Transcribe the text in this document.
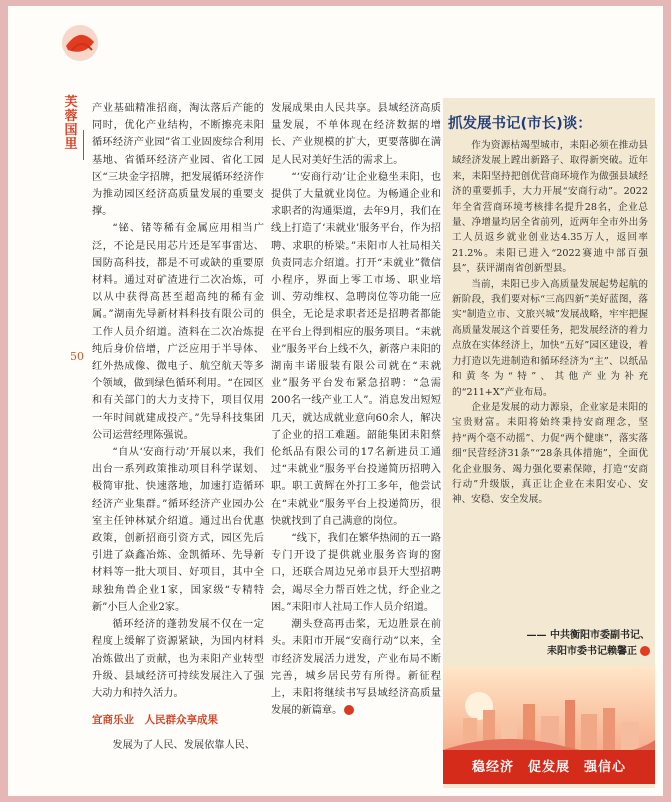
芙蓉国里
50

产业基础精准招商，淘汰落后产能的同时，优化产业结构，不断擦亮耒阳循环经济产业园”省工业固废综合利用基地、省循环经济产业园、省化工园区“三块金字招牌，把发展循环经济作为推动园区经济高质量发展的重要支撑。

“铋、锗等稀有金属应用相当广泛，不论是民用芯片还是军事雷达、国防高科技，都是不可或缺的重要原材料。通过对矿渣进行二次冶炼，可以从中获得高甚至超高纯的稀有金属。”湖南先导新材料科技有限公司的工作人员介绍道。渣料在二次冶炼提纯后身价倍增，广泛应用于半导体、红外热成像、微电子、航空航天等多个领域，做到绿色循环利用。“在园区和有关部门的大力支持下，项目仅用一年时间就建成投产。”先导科技集团公司运营经理陈强说。

“自从‘安商行动’开展以来，我们出台一系列政策推动项目科学谋划、极简审批、快速落地，加速打造循环经济产业集群。”循环经济产业园办公室主任钟林斌介绍道。通过出台优惠政策，创新招商引资方式，园区先后引进了焱鑫冶炼、金凯循环、先导新材料等一批大项目、好项目，其中全球独角兽企业1家，国家级“专精特新”小巨人企业2家。

循环经济的蓬勃发展不仅在一定程度上缓解了资源紧缺，为国内材料冶炼做出了贡献，也为耒阳产业转型升级、县域经济可持续发展注入了强大动力和持久活力。

宜商乐业　人民群众享成果

发展为了人民、发展依靠人民、

发展成果由人民共享。县域经济高质量发展，不单体现在经济数据的增长、产业规模的扩大，更要落脚在满足人民对美好生活的需求上。

“‘安商行动’让企业稳坐耒阳，也提供了大量就业岗位。为畅通企业和求职者的沟通渠道，去年9月，我们在线上打造了‘耒就业’服务平台，作为招聘、求职的桥梁。”耒阳市人社局相关负责同志介绍道。打开“耒就业”微信小程序，界面上零工市场、职业培训、劳动维权、急聘岗位等功能一应俱全，无论是求职者还是招聘者都能在平台上得到相应的服务项目。“耒就业”服务平台上线不久，新落户耒阳的湖南丰诺服装有限公司就在“耒就业”服务平台发布紧急招聘：“急需200名一线产业工人”。消息发出短短几天，就达成就业意向60余人，解决了企业的招工难题。韶能集团耒阳蔡伦纸品有限公司的17名新进员工通过“耒就业”服务平台投递简历招聘入职。职工黄辉在外打工多年，他尝试在“耒就业”服务平台上投递简历，很快就找到了自己满意的岗位。

“线下，我们在繁华热闹的五一路专门开设了提供就业服务咨询的窗口，还联合周边兄弟市县开大型招聘会，竭尽全力帮百姓之忧，纾企业之困。”耒阳市人社局工作人员介绍道。

潮头登高再击桨，无边胜景在前头。耒阳市开展“安商行动”以来，全市经济发展活力迸发，产业布局不断完善，城乡居民劳有所得。新征程上，耒阳将继续书写县域经济高质量发展的新篇章。

抓发展书记(市长)谈：

作为资源枯竭型城市，耒阳必须在推动县域经济发展上蹚出新路子、取得新突破。近年来，耒阳坚持把创优营商环境作为做强县域经济的重要抓手，大力开展“安商行动”。2022年全省营商环境考核排名提升28名，企业总量、净增量均居全省前列，近两年全市外出务工人员返乡就业创业达4.35万人，返回率21.2%。耒阳已进入“2022赛迪中部百强县”，获评湖南省创新型县。

当前，耒阳已步入高质量发展起势起航的新阶段，我们要对标“三高四新”美好蓝图，落实“制造立市、文旅兴城”发展战略，牢牢把握高质量发展这个首要任务，把发展经济的着力点放在实体经济上，加快“五好”园区建设，着力打造以先进制造和循环经济为“主”、以纸品和黄冬为“特”、其他产业为补充的“211+X”产业布局。

企业是发展的动力源泉，企业家是耒阳的宝贵财富。耒阳将始终秉持安商理念，坚持“两个毫不动摇”、力促“两个健康”，落实落细“民营经济31条”“28条具体措施”，全面优化企业服务、竭力强化要素保障，打造“安商行动”升级版，真正让企业在耒阳安心、安神、安稳、安全发展。

—— 中共衡阳市委副书记、
耒阳市委书记赖馨正
稳经济　促发展　强信心
